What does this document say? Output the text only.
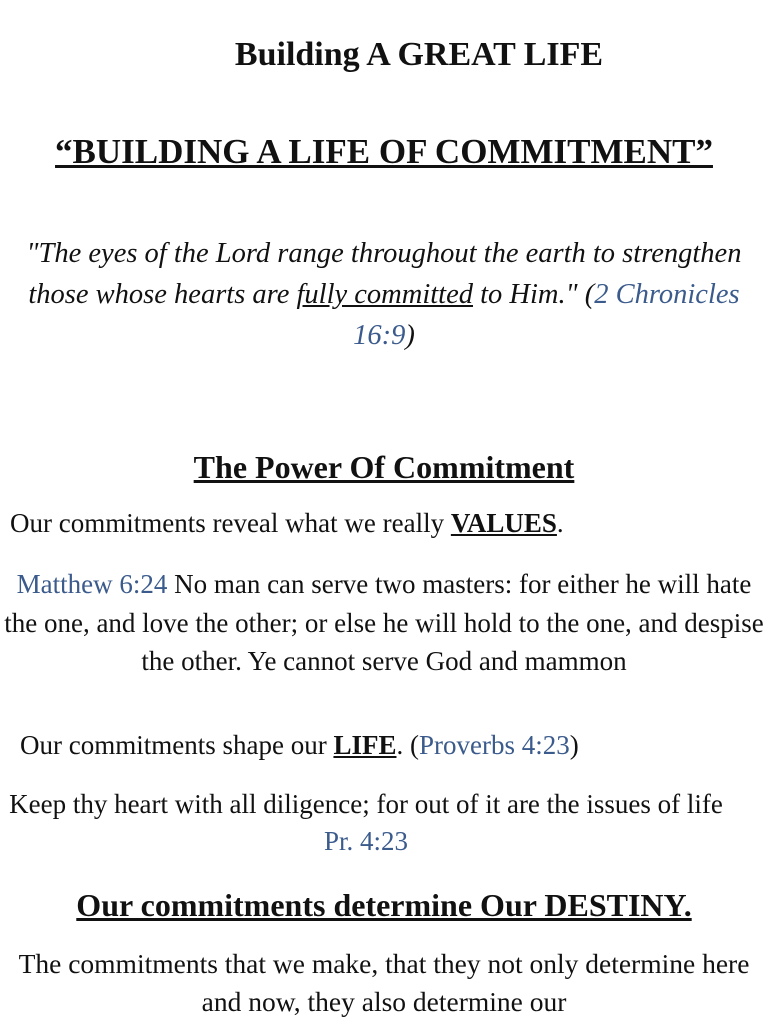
Building A GREAT LIFE
“BUILDING A LIFE OF COMMITMENT”
"The eyes of the Lord range throughout the earth to strengthen those whose hearts are fully committed to Him." (2 Chronicles 16:9)
The Power Of Commitment
Our commitments reveal what we really VALUES.
Matthew 6:24 No man can serve two masters: for either he will hate the one, and love the other; or else he will hold to the one, and despise the other. Ye cannot serve God and mammon
Our commitments shape our LIFE. (Proverbs 4:23)
Keep thy heart with all diligence; for out of it are the issues of life Pr. 4:23
Our commitments determine Our DESTINY.
The commitments that we make, that they not only determine here and now, they also determine our
